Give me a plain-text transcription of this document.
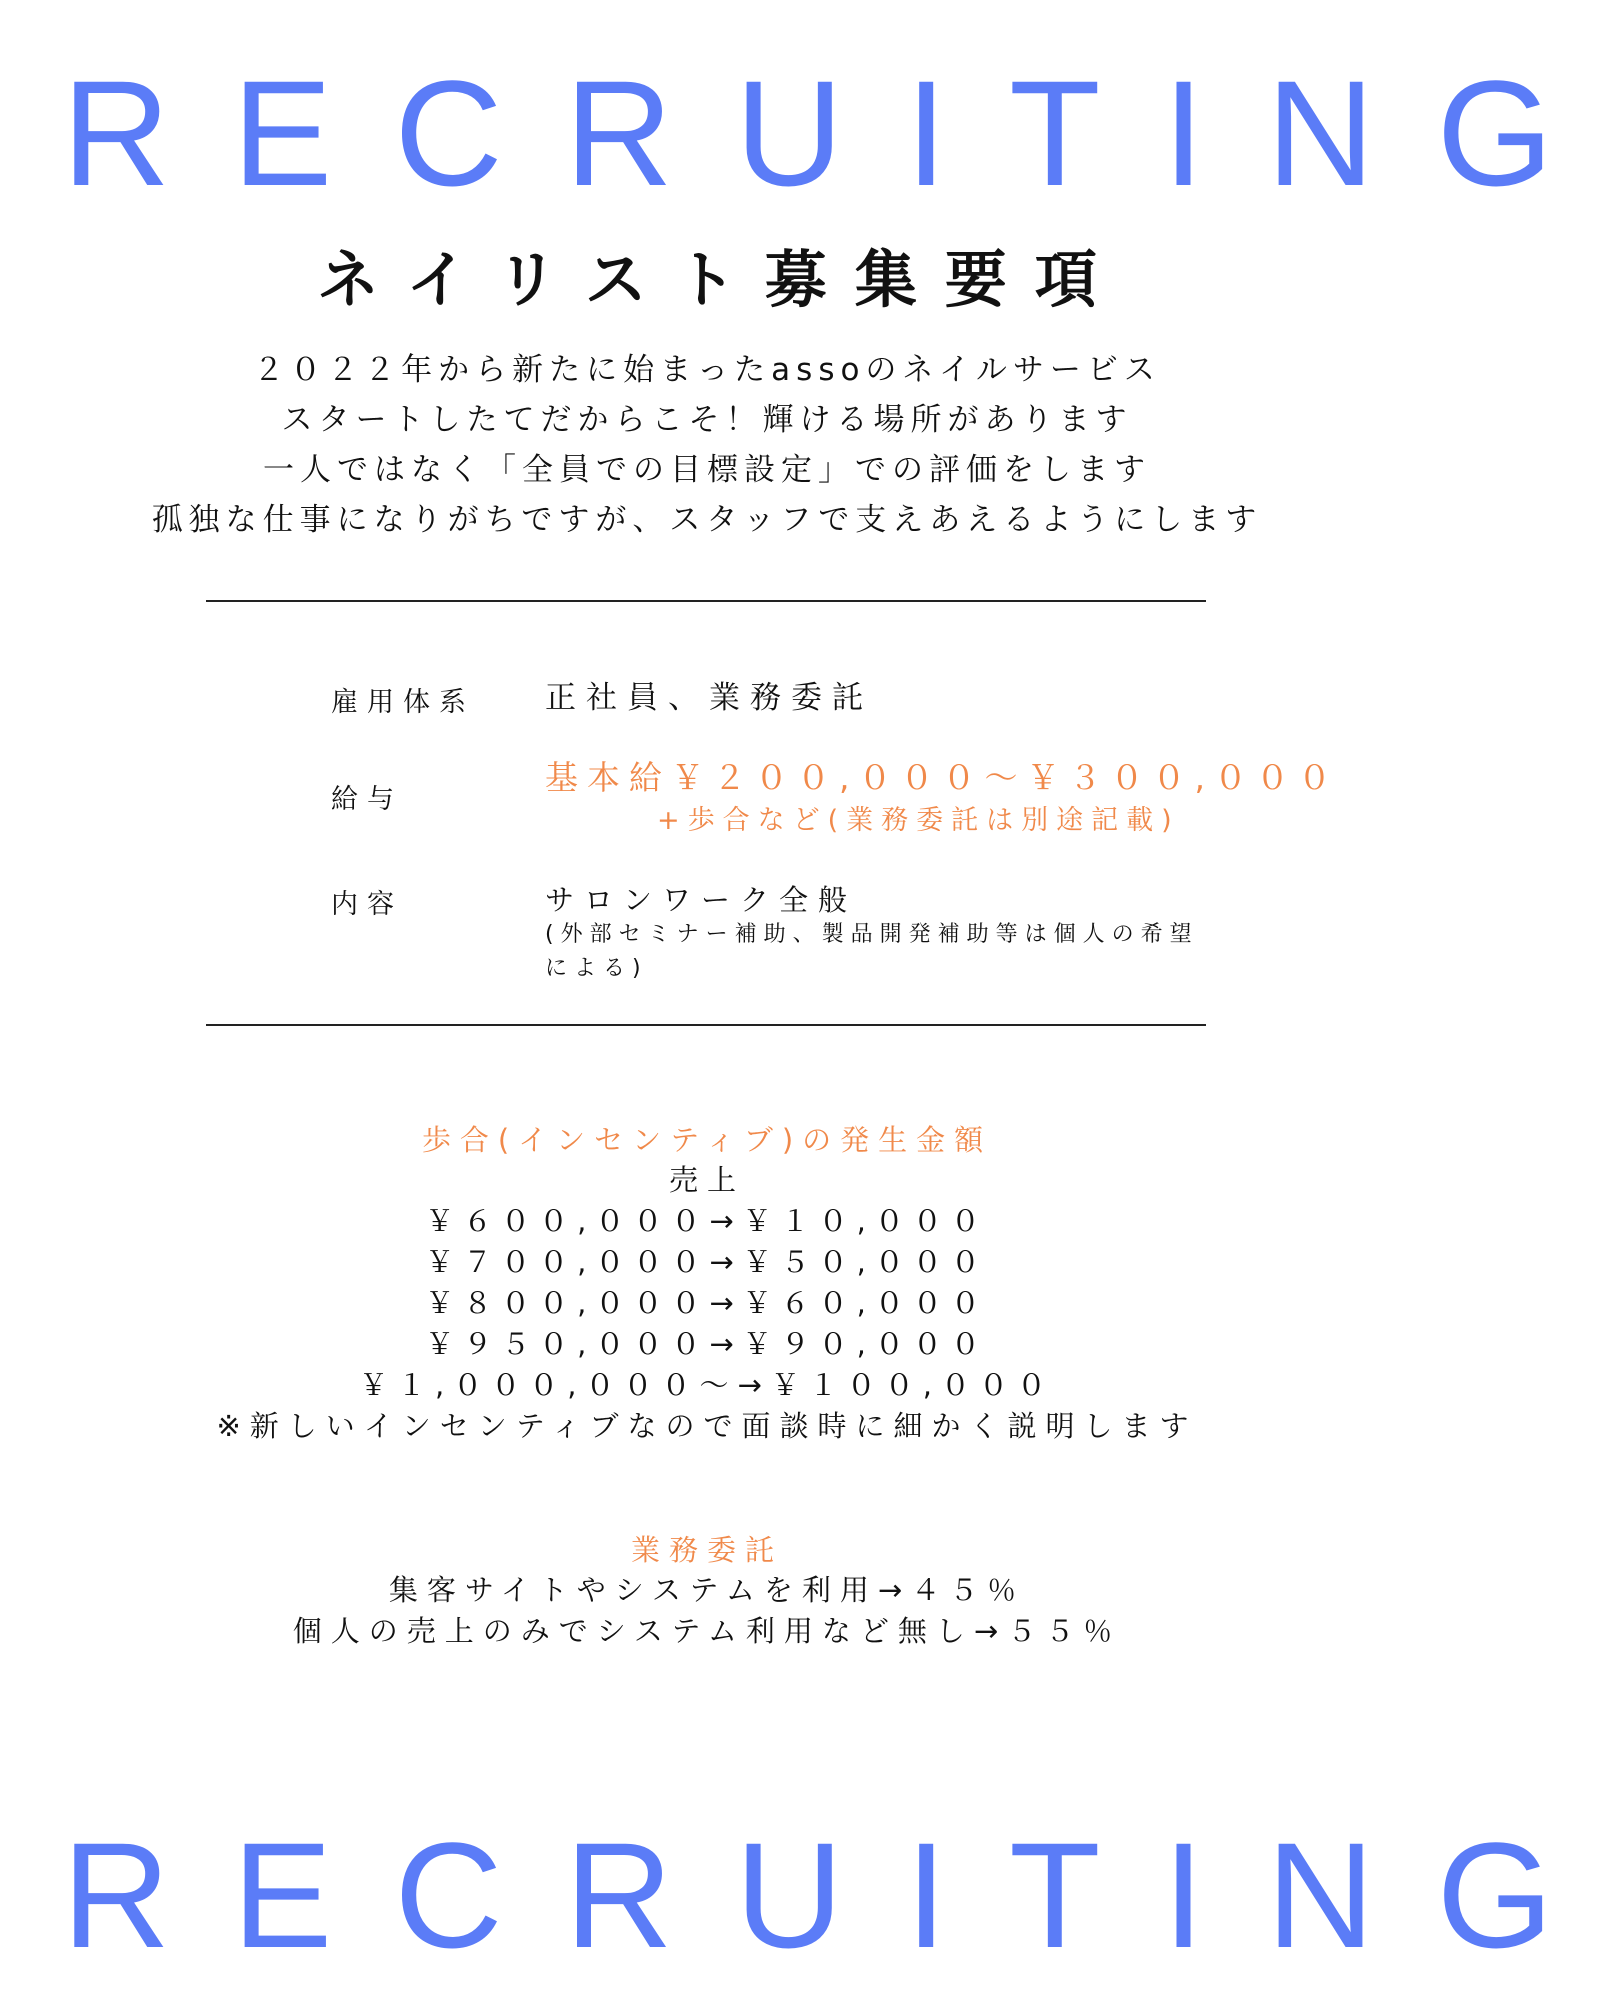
RECRUITING
ネイリスト募集要項
２０２２年から新たに始まったassoのネイルサービス
スタートしたてだからこそ！輝ける場所があります
一人ではなく「全員での目標設定」での評価をします
孤独な仕事になりがちですが、スタッフで支えあえるようにします
雇用体系 正社員、業務委託
給与
基本給￥２００,０００～￥３００,０００
+歩合など(業務委託は別途記載)
内容	サロンワーク全般
(外部セミナー補助、製品開発補助等は個人の希望による)
歩合(インセンティブ)の発生金額
売上
￥６００,０００→￥１０,０００
￥７００,０００→￥５０,０００
￥８００,０００→￥６０,０００
￥９５０,０００→￥９０,０００
￥１,０００,０００～→￥１００,０００
※新しいインセンティブなので面談時に細かく説明します
業務委託
集客サイトやシステムを利用→４５％
個人の売上のみでシステム利用など無し→５５％
RECRUITING
